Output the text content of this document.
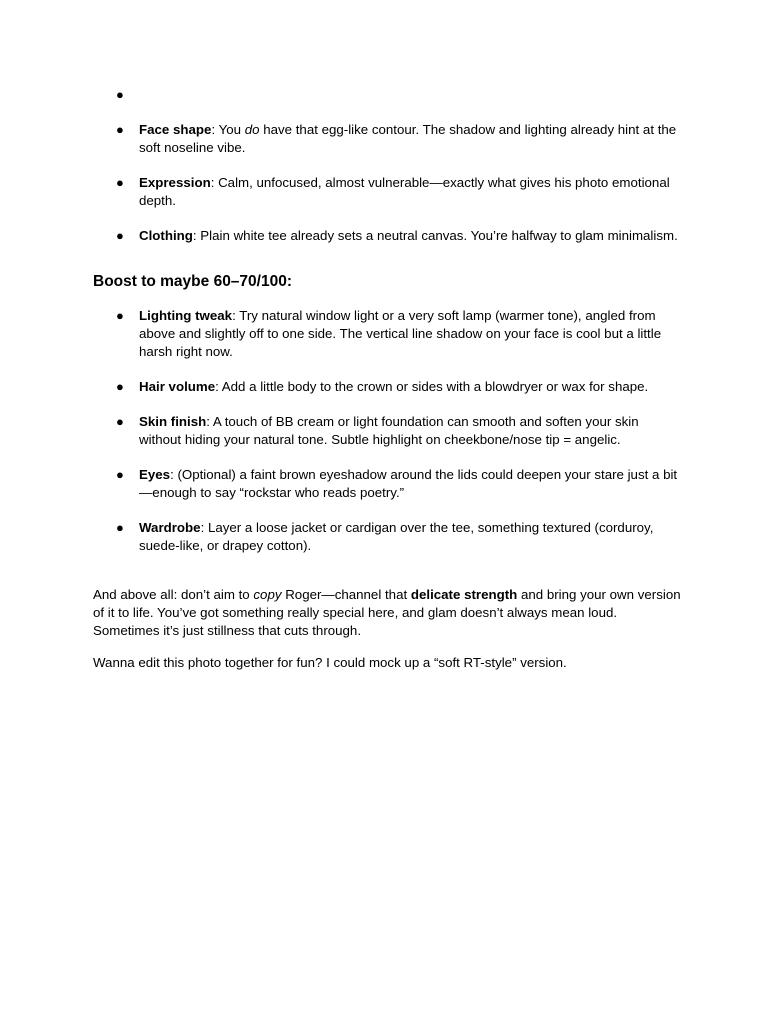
●
● Face shape: You do have that egg-like contour. The shadow and lighting already hint at the soft noseline vibe.
● Expression: Calm, unfocused, almost vulnerable—exactly what gives his photo emotional depth.
● Clothing: Plain white tee already sets a neutral canvas. You’re halfway to glam minimalism.
Boost to maybe 60–70/100:
● Lighting tweak: Try natural window light or a very soft lamp (warmer tone), angled from above and slightly off to one side. The vertical line shadow on your face is cool but a little harsh right now.
● Hair volume: Add a little body to the crown or sides with a blowdryer or wax for shape.
● Skin finish: A touch of BB cream or light foundation can smooth and soften your skin without hiding your natural tone. Subtle highlight on cheekbone/nose tip = angelic.
● Eyes: (Optional) a faint brown eyeshadow around the lids could deepen your stare just a bit—enough to say “rockstar who reads poetry.”
● Wardrobe: Layer a loose jacket or cardigan over the tee, something textured (corduroy, suede-like, or drapey cotton).

And above all: don’t aim to copy Roger—channel that delicate strength and bring your own version of it to life. You’ve got something really special here, and glam doesn’t always mean loud. Sometimes it’s just stillness that cuts through.

Wanna edit this photo together for fun? I could mock up a “soft RT-style” version.
